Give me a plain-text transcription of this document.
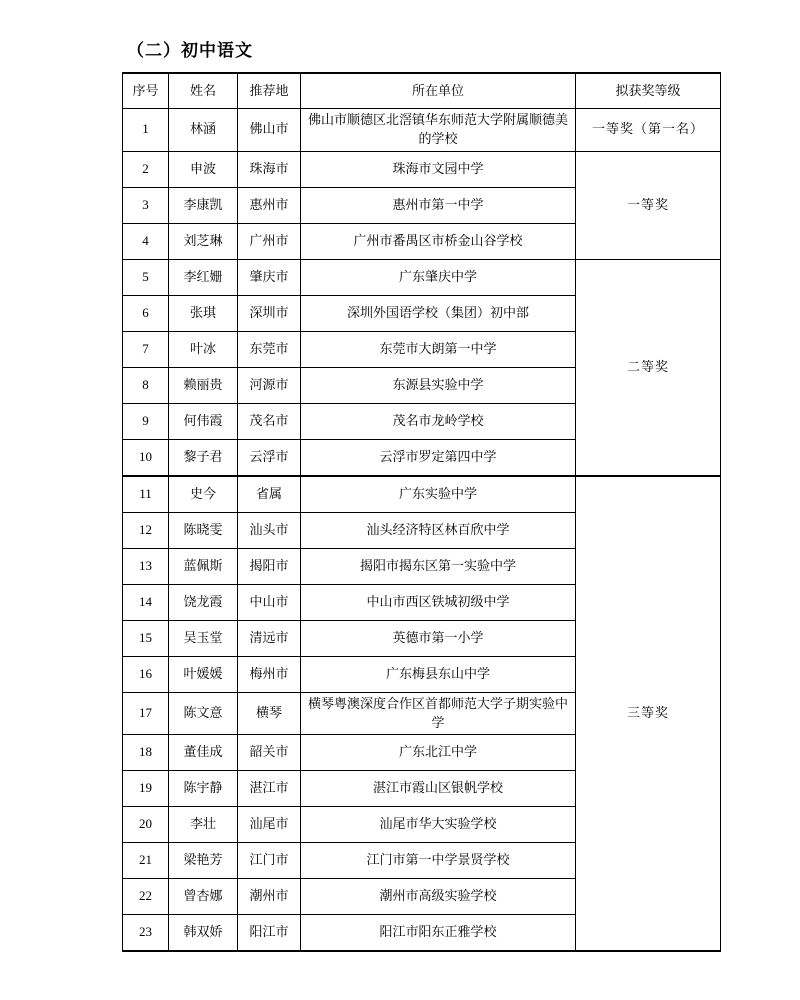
（二）初中语文
序号	姓名	推荐地	所在单位	拟获奖等级
1	林涵	佛山市	佛山市顺德区北滘镇华东师范大学附属顺德美的学校	一等奖（第一名）
2	申波	珠海市	珠海市文园中学	一等奖
3	李康凯	惠州市	惠州市第一中学	
4	刘芝琳	广州市	广州市番禺区市桥金山谷学校	
5	李红姗	肇庆市	广东肇庆中学	二等奖
6	张琪	深圳市	深圳外国语学校（集团）初中部	
7	叶冰	东莞市	东莞市大朗第一中学	
8	赖丽贵	河源市	东源县实验中学	
9	何伟霞	茂名市	茂名市龙岭学校	
10	黎子君	云浮市	云浮市罗定第四中学	
11	史今	省属	广东实验中学	三等奖
12	陈晓雯	汕头市	汕头经济特区林百欣中学	
13	蓝佩斯	揭阳市	揭阳市揭东区第一实验中学	
14	饶龙霞	中山市	中山市西区铁城初级中学	
15	吴玉堂	清远市	英德市第一小学	
16	叶媛媛	梅州市	广东梅县东山中学	
17	陈文意	横琴	横琴粤澳深度合作区首都师范大学子期实验中学	
18	董佳成	韶关市	广东北江中学	
19	陈宇静	湛江市	湛江市霞山区银帆学校	
20	李壮	汕尾市	汕尾市华大实验学校	
21	梁艳芳	江门市	江门市第一中学景贤学校	
22	曾杏娜	潮州市	潮州市高级实验学校	
23	韩双娇	阳江市	阳江市阳东正雅学校	
